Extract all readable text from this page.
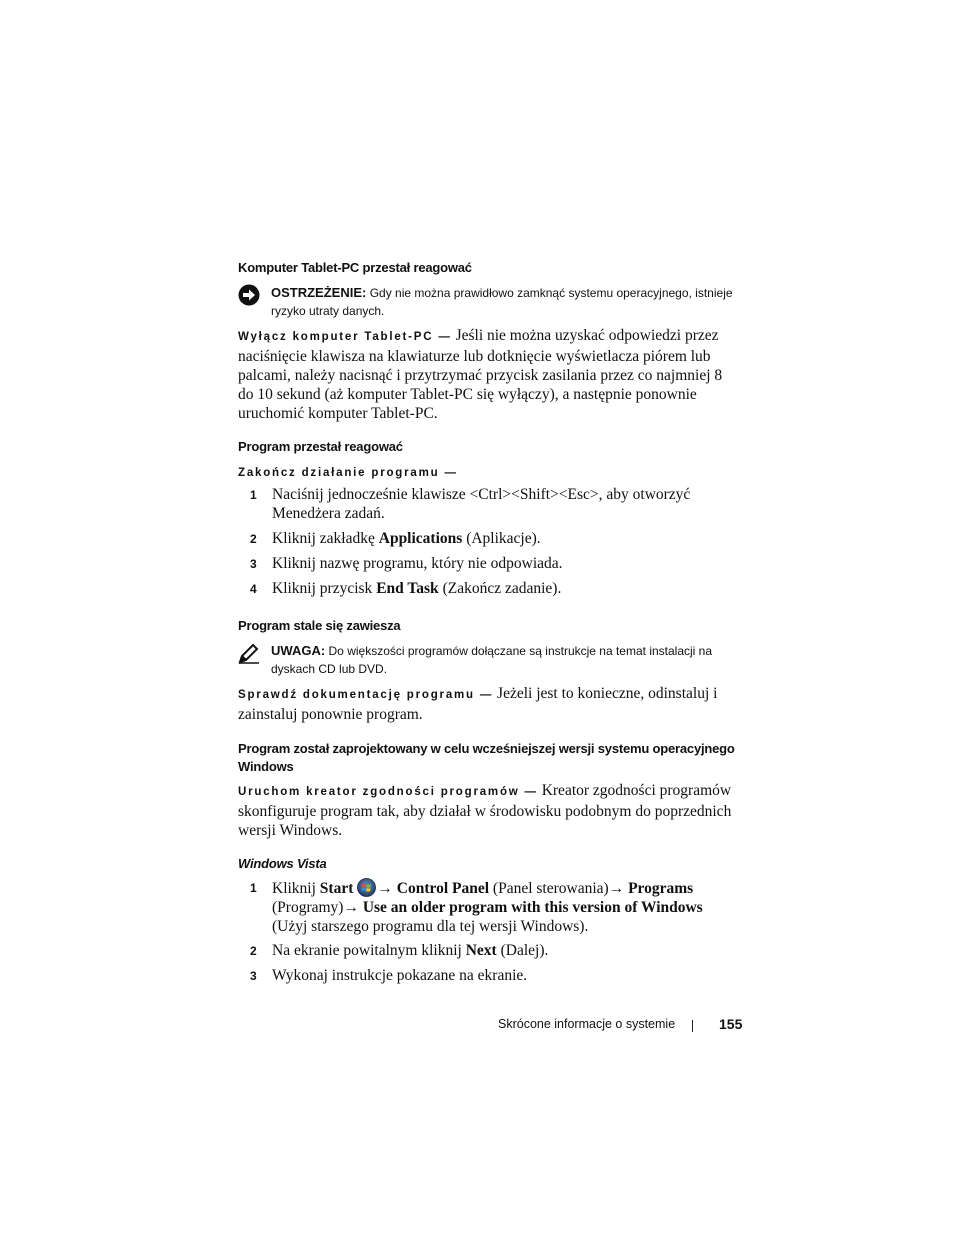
Komputer Tablet-PC przestał reagować
OSTRZEŻENIE: Gdy nie można prawidłowo zamknąć systemu operacyjnego, istnieje ryzyko utraty danych.
Wyłącz komputer Tablet-PC — Jeśli nie można uzyskać odpowiedzi przez naciśnięcie klawisza na klawiaturze lub dotknięcie wyświetlacza piórem lub palcami, należy nacisnąć i przytrzymać przycisk zasilania przez co najmniej 8 do 10 sekund (aż komputer Tablet-PC się wyłączy), a następnie ponownie uruchomić komputer Tablet-PC.
Program przestał reagować
Zakończ działanie programu —
1 Naciśnij jednocześnie klawisze <Ctrl><Shift><Esc>, aby otworzyć Menedżera zadań.
2 Kliknij zakładkę Applications (Aplikacje).
3 Kliknij nazwę programu, który nie odpowiada.
4 Kliknij przycisk End Task (Zakończ zadanie).
Program stale się zawiesza
UWAGA: Do większości programów dołączane są instrukcje na temat instalacji na dyskach CD lub DVD.
Sprawdź dokumentację programu — Jeżeli jest to konieczne, odinstaluj i zainstaluj ponownie program.
Program został zaprojektowany w celu wcześniejszej wersji systemu operacyjnego Windows
Uruchom kreator zgodności programów — Kreator zgodności programów skonfiguruje program tak, aby działał w środowisku podobnym do poprzednich wersji Windows.
Windows Vista
1 Kliknij Start → Control Panel (Panel sterowania)→ Programs (Programy)→ Use an older program with this version of Windows (Użyj starszego programu dla tej wersji Windows).
2 Na ekranie powitalnym kliknij Next (Dalej).
3 Wykonaj instrukcje pokazane na ekranie.
Skrócone informacje o systemie	155
